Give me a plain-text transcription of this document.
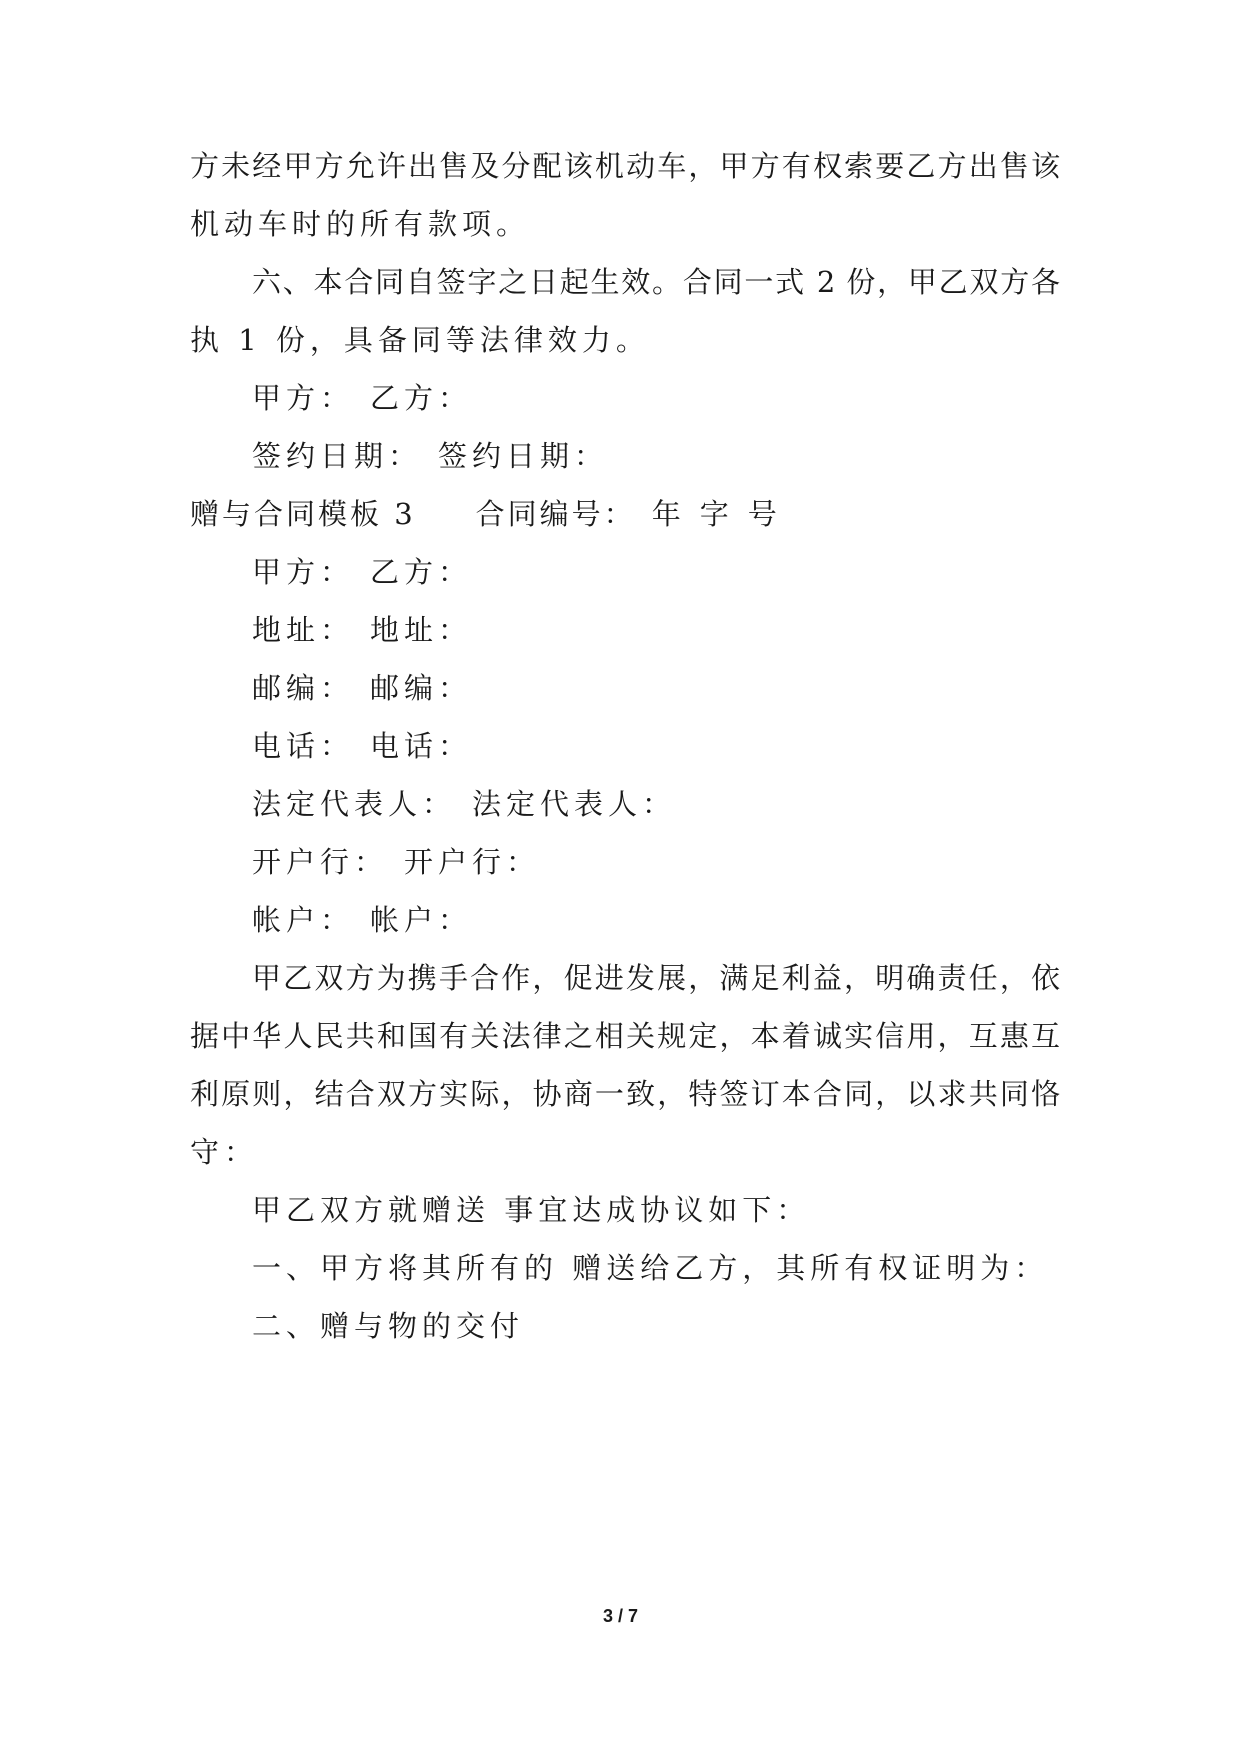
方未经甲方允许出售及分配该机动车，甲方有权索要乙方出售该
机动车时的所有款项。
六、本合同自签字之日起生效。合同一式 2 份，甲乙双方各
执 1 份，具备同等法律效力。
甲方： 乙方：
签约日期： 签约日期：
赠与合同模板 3 合同编号： 年 字 号
甲方： 乙方：
地址： 地址：
邮编： 邮编：
电话： 电话：
法定代表人： 法定代表人：
开户行： 开户行：
帐户： 帐户：
甲乙双方为携手合作，促进发展，满足利益，明确责任，依
据中华人民共和国有关法律之相关规定，本着诚实信用，互惠互
利原则，结合双方实际，协商一致，特签订本合同，以求共同恪
守：
甲乙双方就赠送 事宜达成协议如下：
一、甲方将其所有的 赠送给乙方，其所有权证明为：
二、赠与物的交付
3 / 7
